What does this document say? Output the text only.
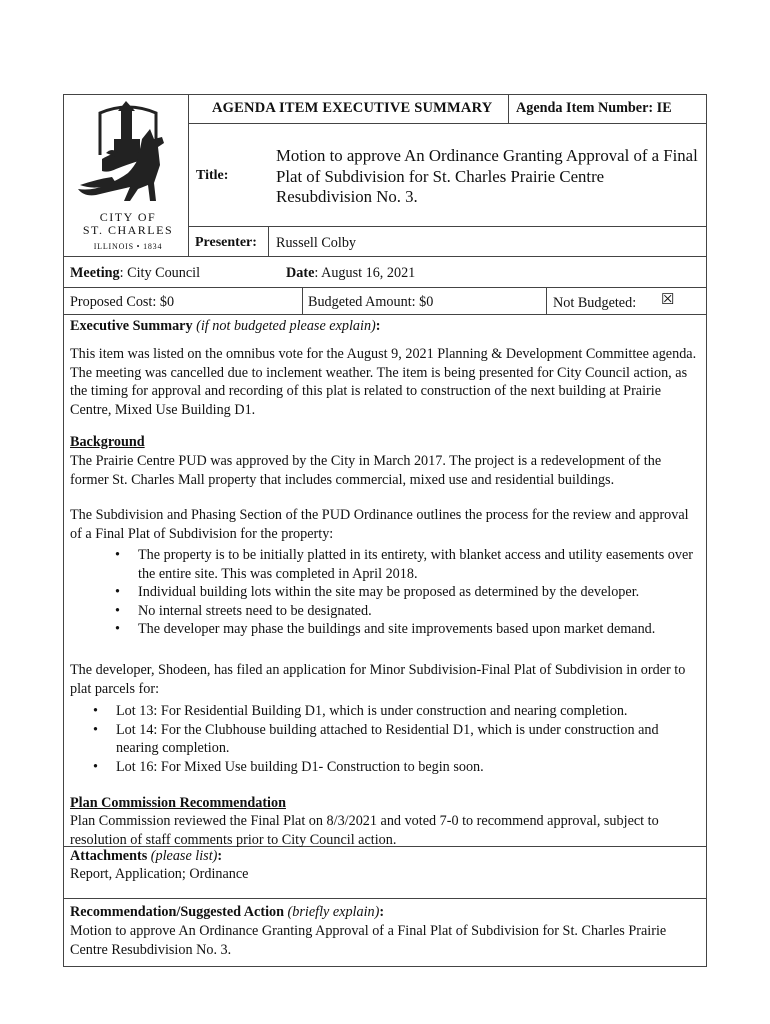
CITY OF
ST. CHARLES
ILLINOIS • 1834
AGENDA ITEM EXECUTIVE SUMMARY	Agenda Item Number: IE
Title:
Motion to approve An Ordinance Granting Approval of a Final Plat of Subdivision for St. Charles Prairie Centre Resubdivision No. 3.
Presenter: Russell Colby
Meeting: City Council	Date: August 16, 2021
Proposed Cost: $0	Budgeted Amount: $0	Not Budgeted: ☒
Executive Summary (if not budgeted please explain):
This item was listed on the omnibus vote for the August 9, 2021 Planning & Development Committee agenda. The meeting was cancelled due to inclement weather. The item is being presented for City Council action, as the timing for approval and recording of this plat is related to construction of the next building at Prairie Centre, Mixed Use Building D1.
Background
The Prairie Centre PUD was approved by the City in March 2017. The project is a redevelopment of the former St. Charles Mall property that includes commercial, mixed use and residential buildings.
The Subdivision and Phasing Section of the PUD Ordinance outlines the process for the review and approval of a Final Plat of Subdivision for the property:
• The property is to be initially platted in its entirety, with blanket access and utility easements over the entire site. This was completed in April 2018.
• Individual building lots within the site may be proposed as determined by the developer.
• No internal streets need to be designated.
• The developer may phase the buildings and site improvements based upon market demand.
The developer, Shodeen, has filed an application for Minor Subdivision-Final Plat of Subdivision in order to plat parcels for:
• Lot 13: For Residential Building D1, which is under construction and nearing completion.
• Lot 14: For the Clubhouse building attached to Residential D1, which is under construction and nearing completion.
• Lot 16: For Mixed Use building D1- Construction to begin soon.
Plan Commission Recommendation
Plan Commission reviewed the Final Plat on 8/3/2021 and voted 7-0 to recommend approval, subject to resolution of staff comments prior to City Council action.
Attachments (please list):
Report, Application; Ordinance
Recommendation/Suggested Action (briefly explain):
Motion to approve An Ordinance Granting Approval of a Final Plat of Subdivision for St. Charles Prairie Centre Resubdivision No. 3.
